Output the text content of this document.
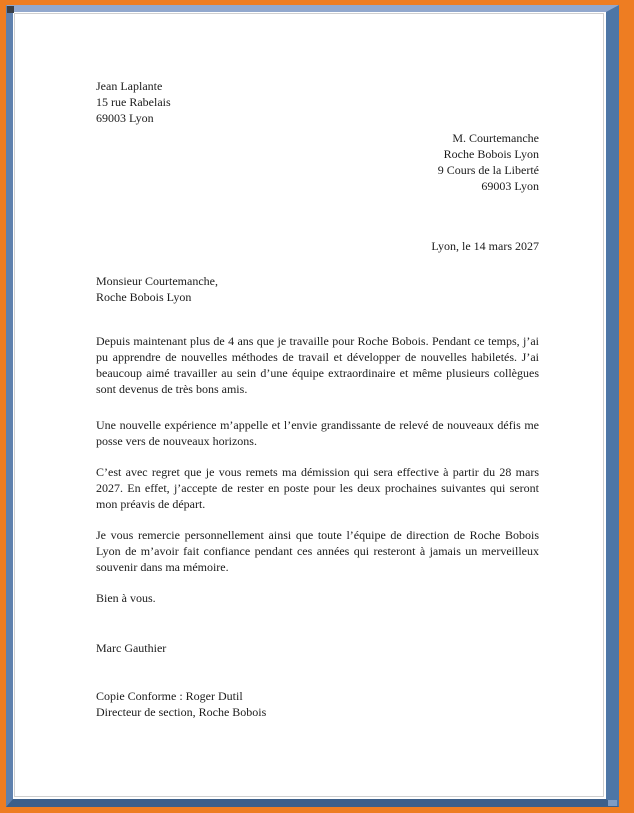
Jean Laplante
15 rue Rabelais
69003 Lyon
M. Courtemanche
Roche Bobois Lyon
9 Cours de la Liberté
69003 Lyon
Lyon, le 14 mars 2027
Monsieur Courtemanche,
Roche Bobois Lyon

Depuis maintenant plus de 4 ans que je travaille pour Roche Bobois. Pendant ce temps, j’ai pu apprendre de nouvelles méthodes de travail et développer de nouvelles habiletés. J’ai beaucoup aimé travailler au sein d’une équipe extraordinaire et même plusieurs collègues sont devenus de très bons amis.

Une nouvelle expérience m’appelle et l’envie grandissante de relevé de nouveaux défis me posse vers de nouveaux horizons.

C’est avec regret que je vous remets ma démission qui sera effective à partir du 28 mars 2027. En effet, j’accepte de rester en poste pour les deux prochaines suivantes qui seront mon préavis de départ.

Je vous remercie personnellement ainsi que toute l’équipe de direction de Roche Bobois Lyon de m’avoir fait confiance pendant ces années qui resteront à jamais un merveilleux souvenir dans ma mémoire.

Bien à vous.
Marc Gauthier
Copie Conforme : Roger Dutil
Directeur de section, Roche Bobois
